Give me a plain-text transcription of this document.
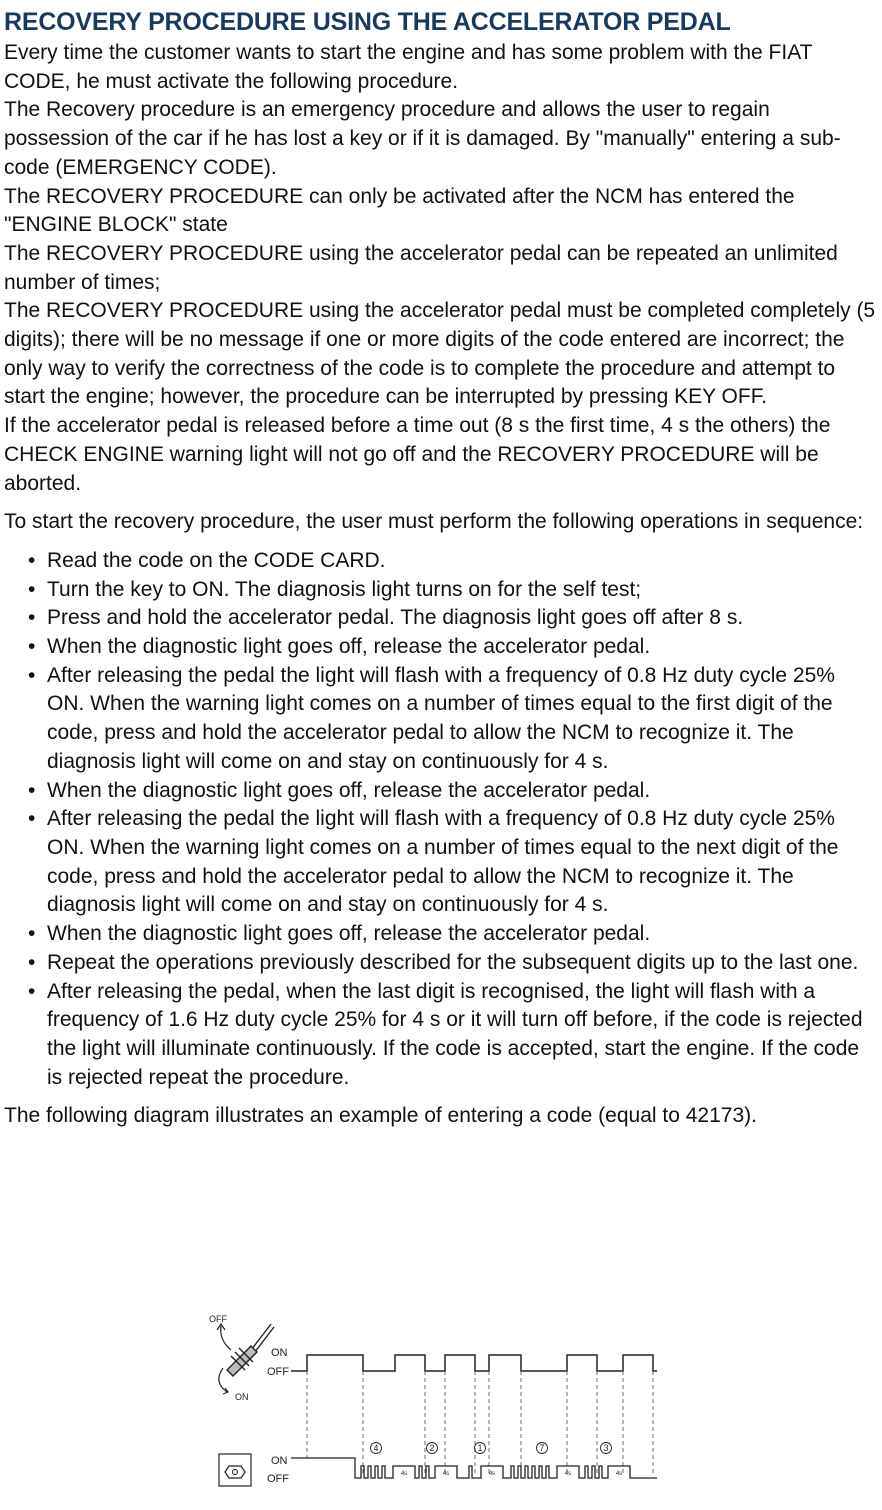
RECOVERY PROCEDURE USING THE ACCELERATOR PEDAL

Every time the customer wants to start the engine and has some problem with the FIAT CODE, he must activate the following procedure.

The Recovery procedure is an emergency procedure and allows the user to regain possession of the car if he has lost a key or if it is damaged. By "manually" entering a sub-code (EMERGENCY CODE).

The RECOVERY PROCEDURE can only be activated after the NCM has entered the "ENGINE BLOCK" state

The RECOVERY PROCEDURE using the accelerator pedal can be repeated an unlimited number of times;

The RECOVERY PROCEDURE using the accelerator pedal must be completed completely (5 digits); there will be no message if one or more digits of the code entered are incorrect; the only way to verify the correctness of the code is to complete the procedure and attempt to start the engine; however, the procedure can be interrupted by pressing KEY OFF.

If the accelerator pedal is released before a time out (8 s the first time, 4 s the others) the CHECK ENGINE warning light will not go off and the RECOVERY PROCEDURE will be aborted.

To start the recovery procedure, the user must perform the following operations in sequence:

• Read the code on the CODE CARD.
• Turn the key to ON. The diagnosis light turns on for the self test;
• Press and hold the accelerator pedal. The diagnosis light goes off after 8 s.
• When the diagnostic light goes off, release the accelerator pedal.
• After releasing the pedal the light will flash with a frequency of 0.8 Hz duty cycle 25% ON. When the warning light comes on a number of times equal to the first digit of the code, press and hold the accelerator pedal to allow the NCM to recognize it. The diagnosis light will come on and stay on continuously for 4 s.
• When the diagnostic light goes off, release the accelerator pedal.
• After releasing the pedal the light will flash with a frequency of 0.8 Hz duty cycle 25% ON. When the warning light comes on a number of times equal to the next digit of the code, press and hold the accelerator pedal to allow the NCM to recognize it. The diagnosis light will come on and stay on continuously for 4 s.
• When the diagnostic light goes off, release the accelerator pedal.
• Repeat the operations previously described for the subsequent digits up to the last one.
• After releasing the pedal, when the last digit is recognised, the light will flash with a frequency of 1.6 Hz duty cycle 25% for 4 s or it will turn off before, if the code is rejected the light will illuminate continuously. If the code is accepted, start the engine. If the code is rejected repeat the procedure.

The following diagram illustrates an example of entering a code (equal to 42173).

OFF
ON
ON
OFF
ON
OFF
4	2	1	7	3
4s	4s	4s	4s	4s
